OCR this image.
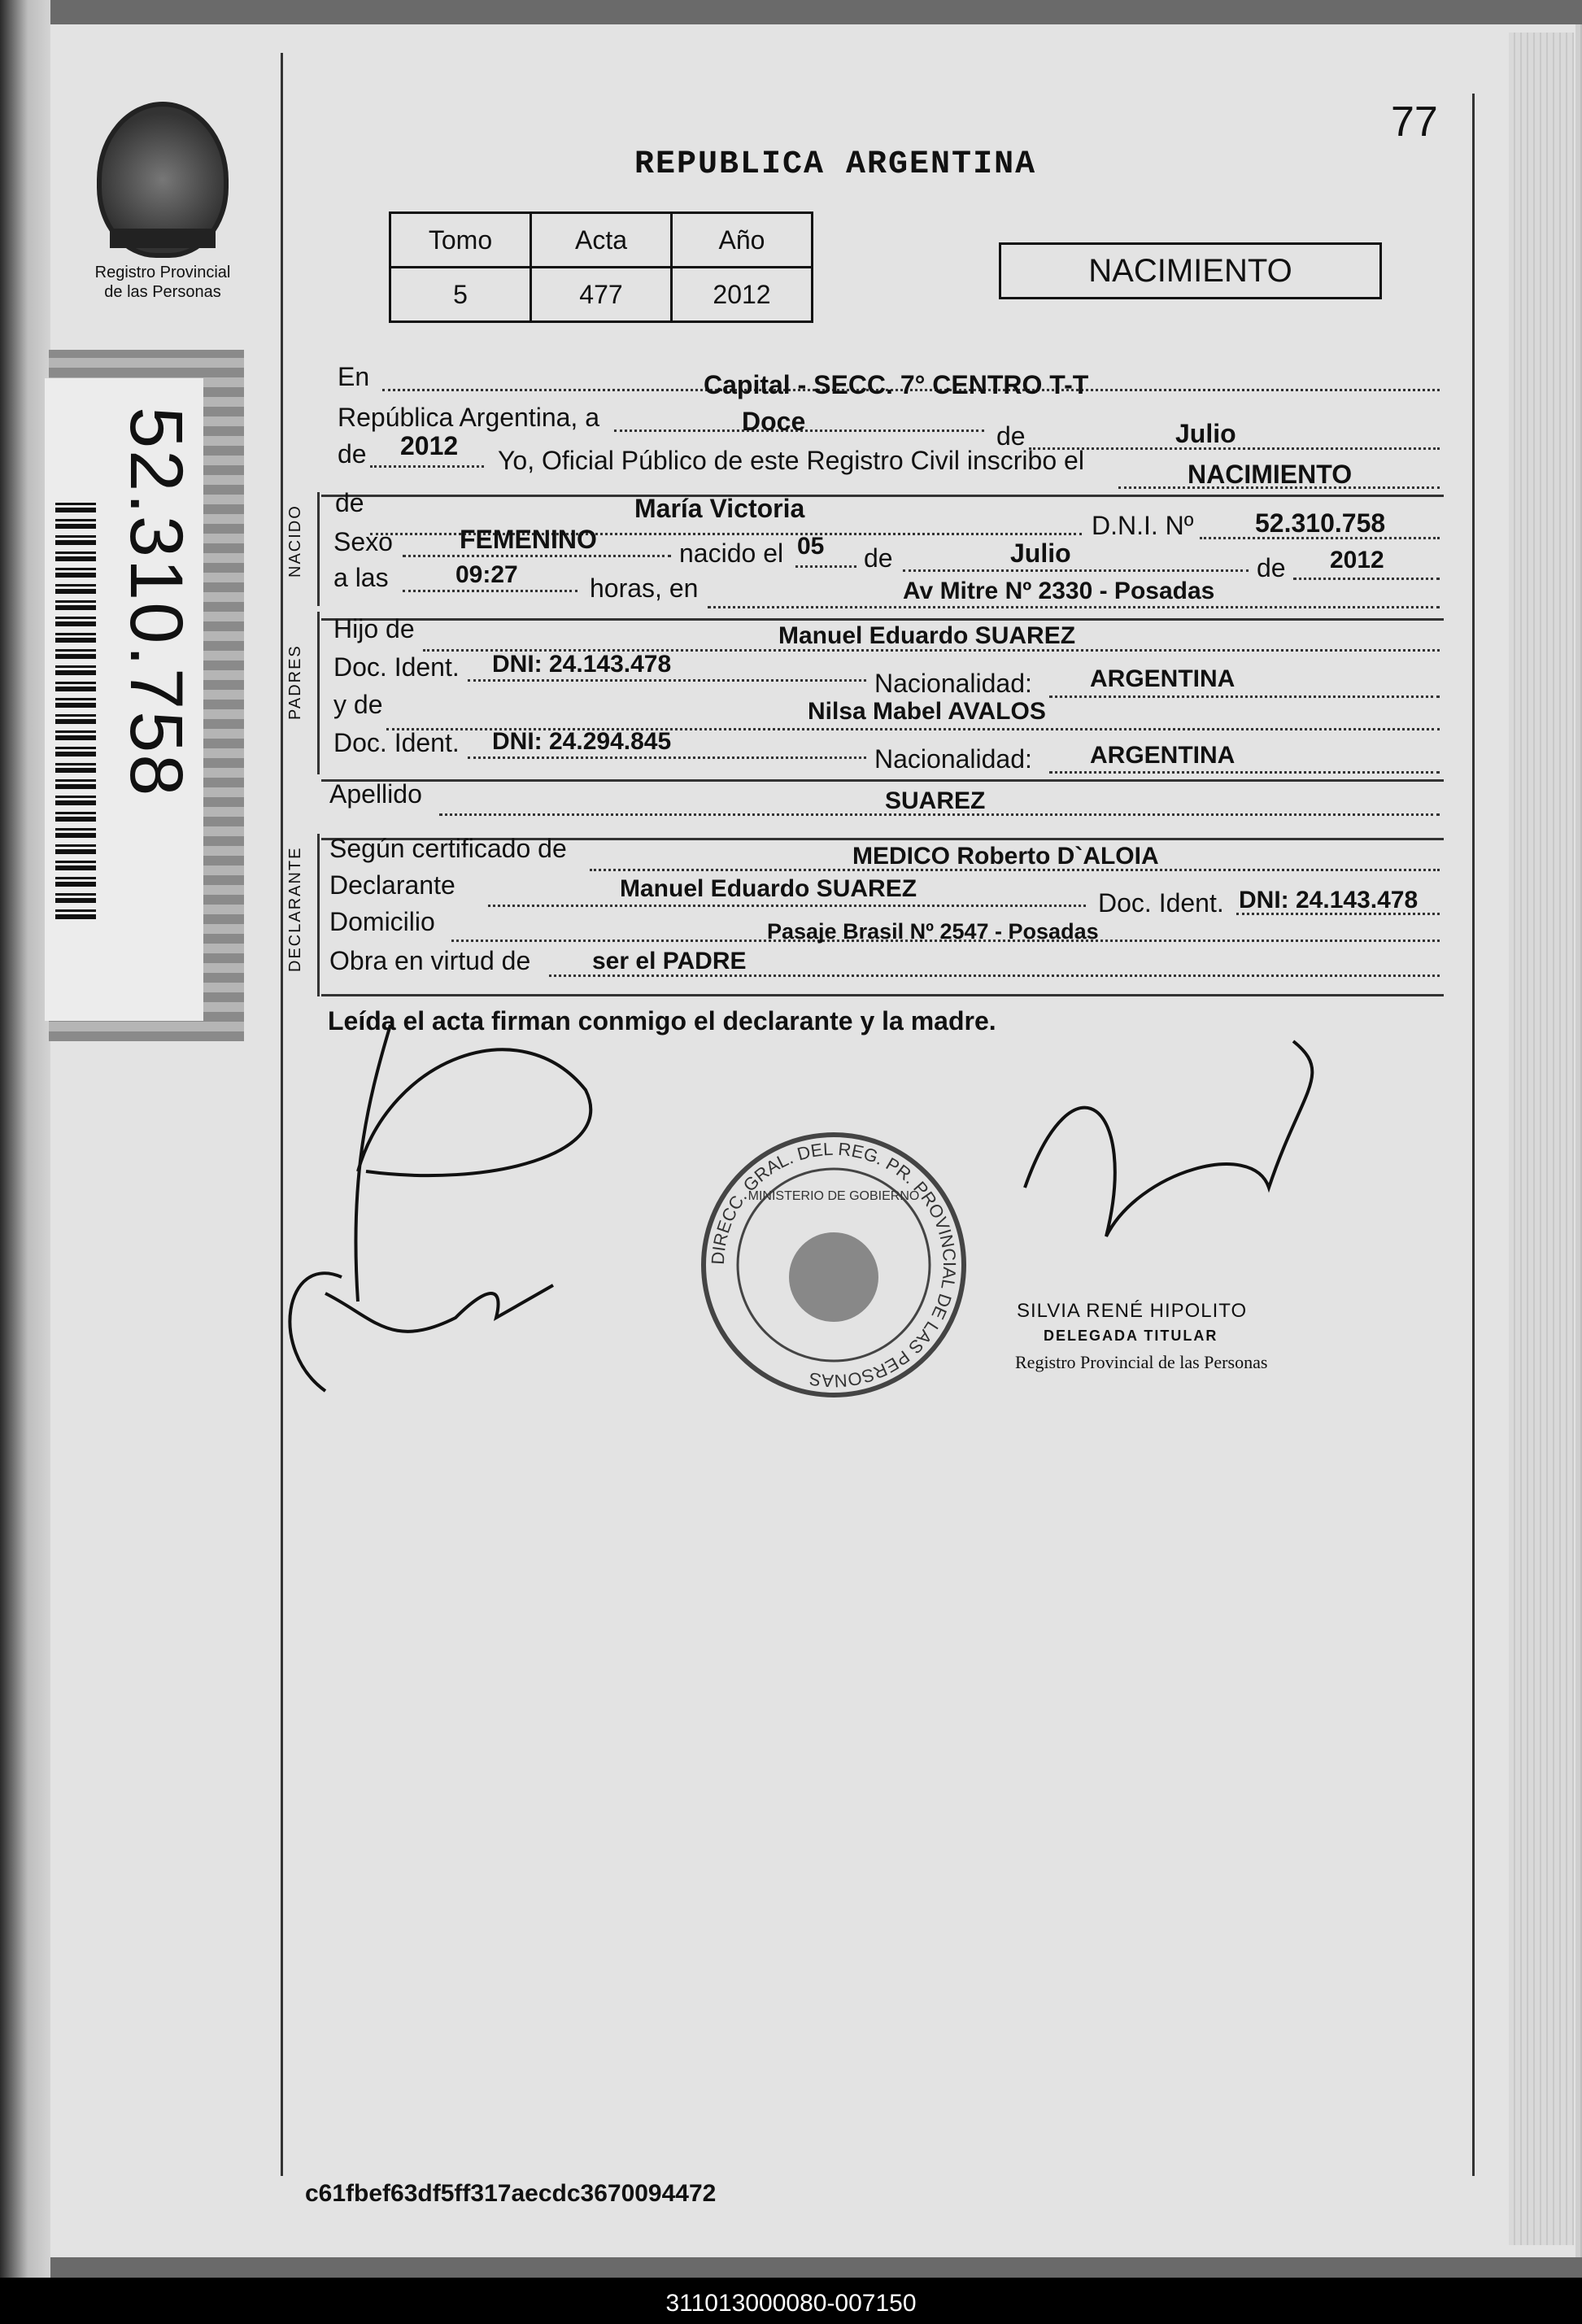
77
REPUBLICA ARGENTINA
Registro Provincial
de las Personas
Tomo	Acta	Año
5	477	2012
NACIMIENTO
52.310.758	NACIDO
PADRES
DECLARANTE
En	Capital - SECC. 7° CENTRO T-T
República Argentina, a	Doce	de	Julio
de 2012 Yo, Oficial Público de este Registro Civil inscribo el	NACIMIENTO
de	María Victoria
D.N.I. Nº 52.310.758
Sexo	FEMENINO	nacido el 05 de	Julio	de 2012
a las	09:27	horas, en	Av Mitre Nº 2330 - Posadas
Hijo de	Manuel Eduardo SUAREZ
Doc. Ident. DNI: 24.143.478
Nacionalidad: ARGENTINA
y de	Nilsa Mabel AVALOS
Doc. Ident. DNI: 24.294.845
Nacionalidad: ARGENTINA
Apellido	SUAREZ
Según certificado de	MEDICO Roberto D`ALOIA
Declarante	Manuel Eduardo SUAREZ	Doc. Ident. DNI: 24.143.478
Domicilio	Pasaje Brasil Nº 2547 - Posadas
Obra en virtud de	ser el PADRE
Leída el acta firman conmigo el declarante y la madre.
DIRECC. GRAL. DEL REG. PR. PROVINCIAL DE LAS PERSONAS
MINISTERIO DE GOBIERNO
SILVIA RENÉ HIPOLITO
DELEGADA TITULAR
Registro Provincial de las Personas
c61fbef63df5ff317aecdc3670094472
311013000080-007150
